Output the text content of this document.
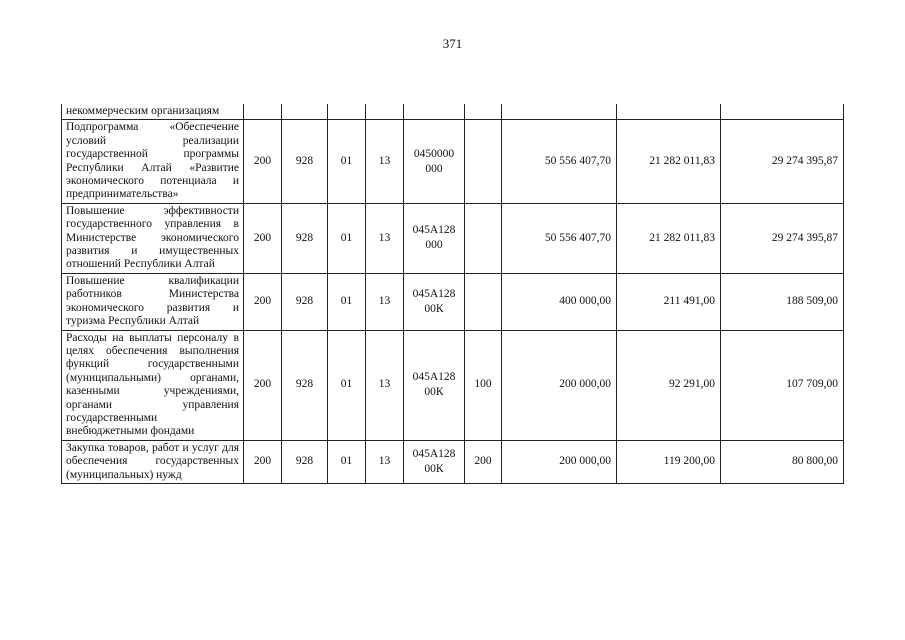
371
некоммерческим организациям									
Подпрограмма «Обеспечение условий реализации государственной программы Республики Алтай «Развитие экономического потенциала и предпринимательства»	200	928	01	13	0450000 000		50 556 407,70	21 282 011,83	29 274 395,87
Повышение эффективности государственного управления в Министерстве экономического развития и имущественных отношений Республики Алтай	200	928	01	13	045А128 000		50 556 407,70	21 282 011,83	29 274 395,87
Повышение квалификации работников Министерства экономического развития и туризма Республики Алтай	200	928	01	13	045А128 00К		400 000,00	211 491,00	188 509,00
Расходы на выплаты персоналу в целях обеспечения выполнения функций государственными (муниципальными) органами, казенными учреждениями, органами управления государственными внебюджетными фондами	200	928	01	13	045А128 00К	100	200 000,00	92 291,00	107 709,00
Закупка товаров, работ и услуг для обеспечения государственных (муниципальных) нужд	200	928	01	13	045А128 00К	200	200 000,00	119 200,00	80 800,00
